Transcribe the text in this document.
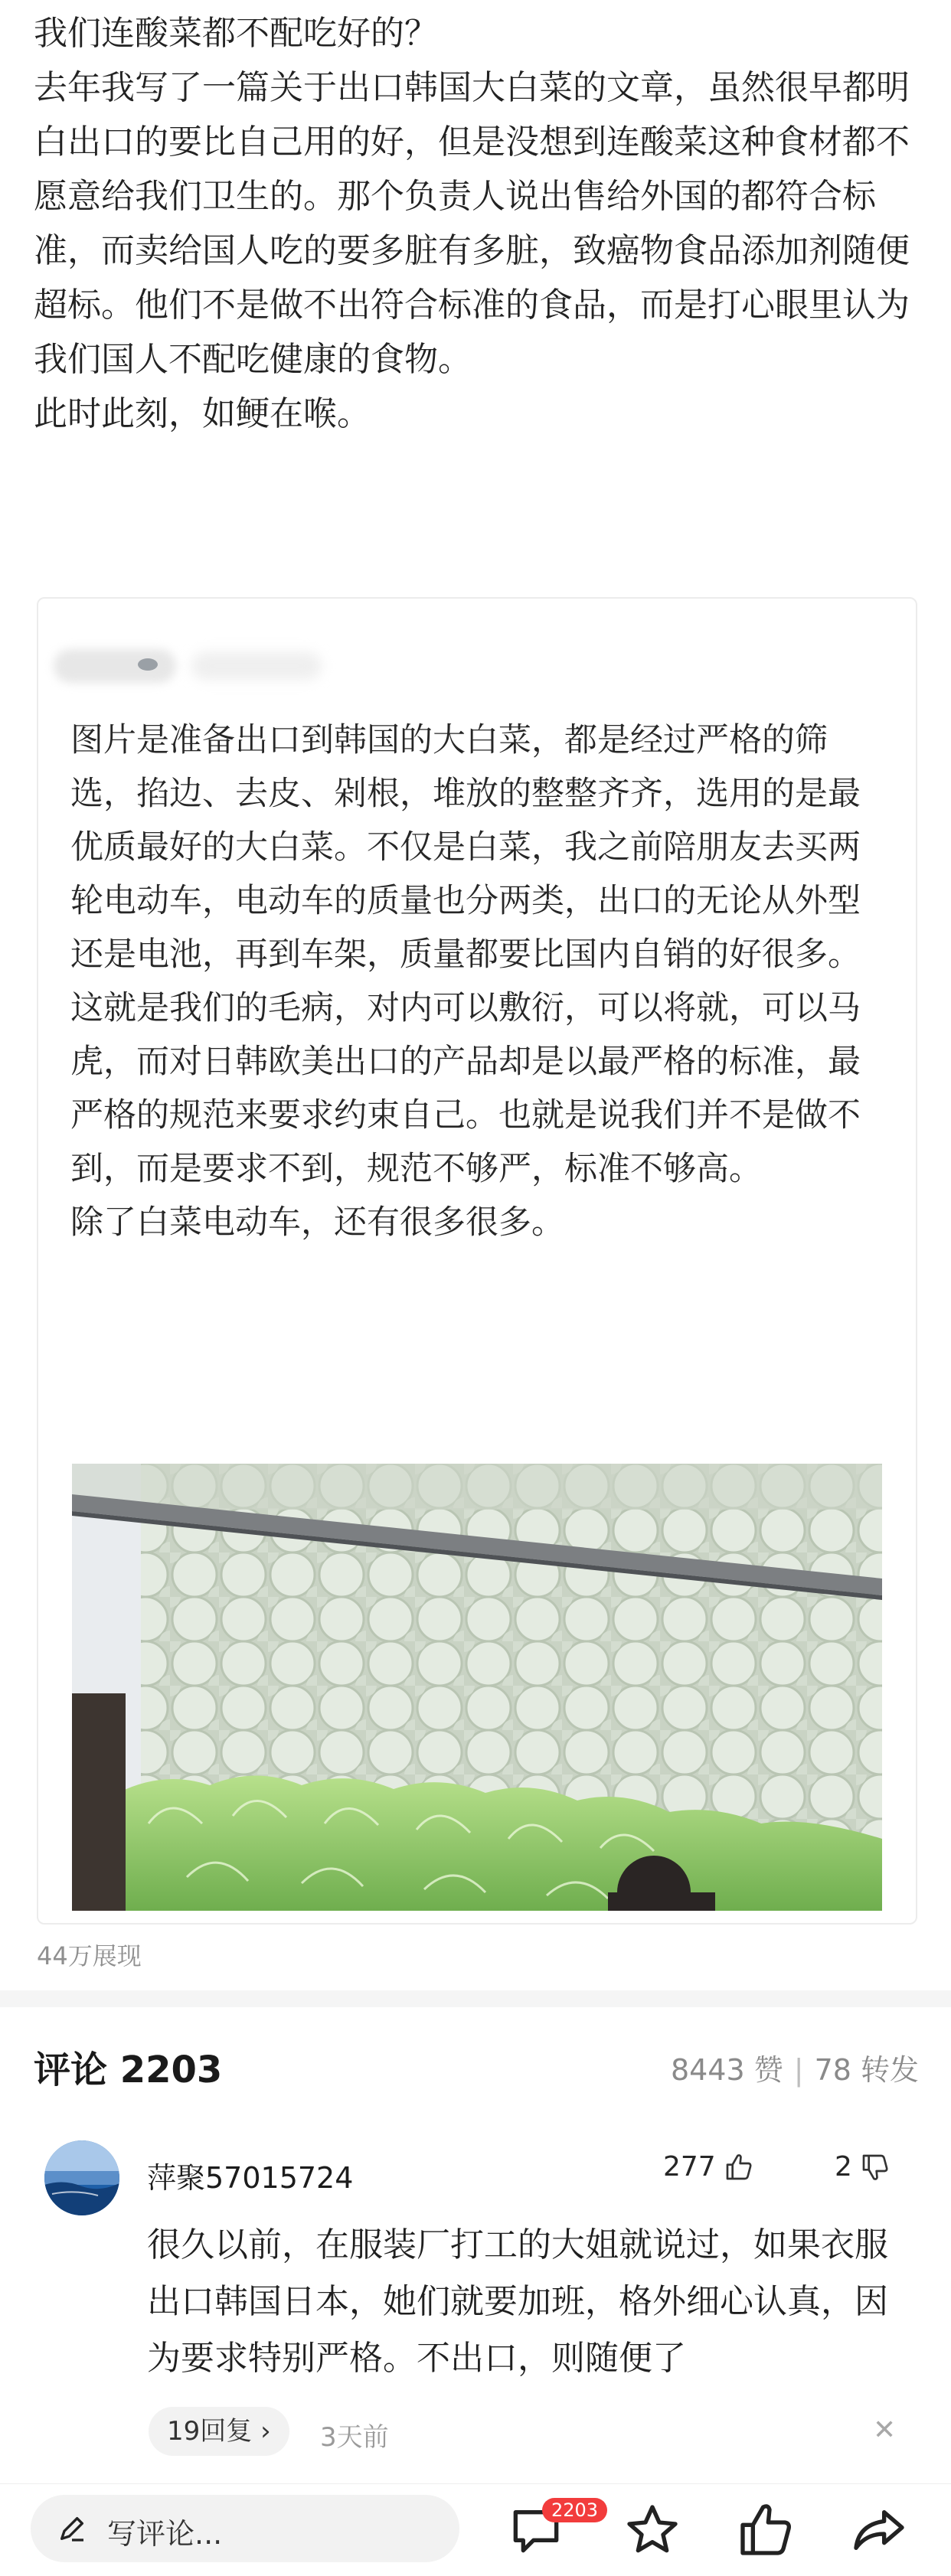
我们连酸菜都不配吃好的？

去年我写了一篇关于出口韩国大白菜的文章，虽然很早都明白出口的要比自己用的好，但是没想到连酸菜这种食材都不愿意给我们卫生的。那个负责人说出售给外国的都符合标准，而卖给国人吃的要多脏有多脏，致癌物食品添加剂随便超标。他们不是做不出符合标准的食品，而是打心眼里认为我们国人不配吃健康的食物。

此时此刻，如鲠在喉。

图片是准备出口到韩国的大白菜，都是经过严格的筛选，掐边、去皮、剁根，堆放的整整齐齐，选用的是最优质最好的大白菜。不仅是白菜，我之前陪朋友去买两轮电动车，电动车的质量也分两类，出口的无论从外型还是电池，再到车架，质量都要比国内自销的好很多。

这就是我们的毛病，对内可以敷衍，可以将就，可以马虎，而对日韩欧美出口的产品却是以最严格的标准，最严格的规范来要求约束自己。也就是说我们并不是做不到，而是要求不到，规范不够严，标准不够高。

除了白菜电动车，还有很多很多。

44万展现
评论 2203	8443 赞 | 78 转发
萍聚57015724	277	2
很久以前，在服装厂打工的大姐就说过，如果衣服出口韩国日本，她们就要加班，格外细心认真，因为要求特别严格。不出口，则随便了
19回复 ›	3天前	✕
写评论...
2203
